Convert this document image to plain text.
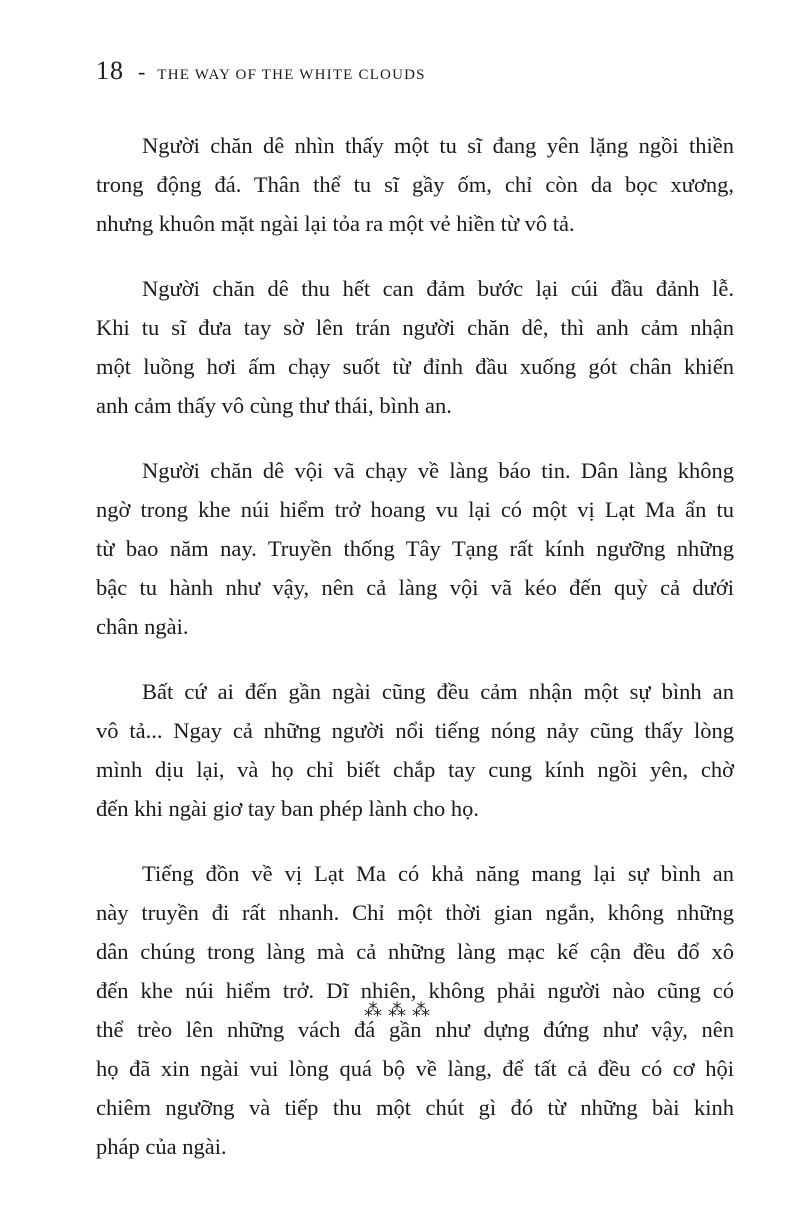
18 - THE WAY OF THE WHITE CLOUDS

Người chăn dê nhìn thấy một tu sĩ đang yên lặng ngồi thiền
trong động đá. Thân thể tu sĩ gầy ốm, chỉ còn da bọc xương,
nhưng khuôn mặt ngài lại tỏa ra một vẻ hiền từ vô tả.

Người chăn dê thu hết can đảm bước lại cúi đầu đảnh lễ.
Khi tu sĩ đưa tay sờ lên trán người chăn dê, thì anh cảm nhận
một luồng hơi ấm chạy suốt từ đỉnh đầu xuống gót chân khiến
anh cảm thấy vô cùng thư thái, bình an.

Người chăn dê vội vã chạy về làng báo tin. Dân làng không
ngờ trong khe núi hiểm trở hoang vu lại có một vị Lạt Ma ẩn tu
từ bao năm nay. Truyền thống Tây Tạng rất kính ngưỡng những
bậc tu hành như vậy, nên cả làng vội vã kéo đến quỳ cả dưới
chân ngài.

Bất cứ ai đến gần ngài cũng đều cảm nhận một sự bình an
vô tả... Ngay cả những người nổi tiếng nóng nảy cũng thấy lòng
mình dịu lại, và họ chỉ biết chắp tay cung kính ngồi yên, chờ
đến khi ngài giơ tay ban phép lành cho họ.

Tiếng đồn về vị Lạt Ma có khả năng mang lại sự bình an
này truyền đi rất nhanh. Chỉ một thời gian ngắn, không những
dân chúng trong làng mà cả những làng mạc kế cận đều đổ xô
đến khe núi hiểm trở. Dĩ nhiên, không phải người nào cũng có
thể trèo lên những vách đá gần như dựng đứng như vậy, nên
họ đã xin ngài vui lòng quá bộ về làng, để tất cả đều có cơ hội
chiêm ngưỡng và tiếp thu một chút gì đó từ những bài kinh
pháp của ngài.

⁂⁂⁂
